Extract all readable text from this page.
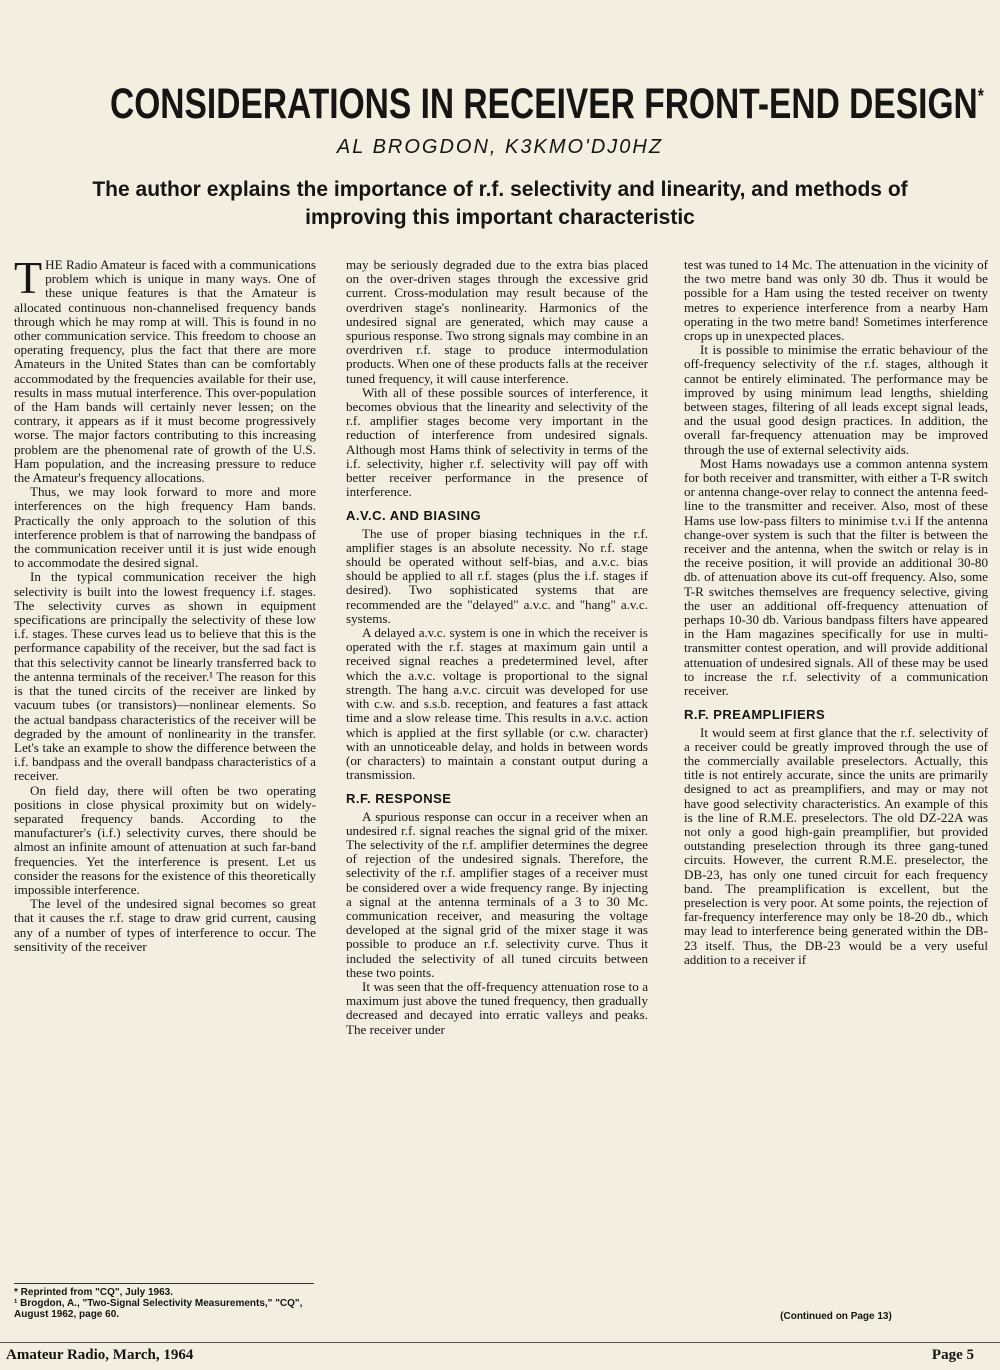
CONSIDERATIONS IN RECEIVER FRONT-END DESIGN*
AL BROGDON, K3KMO'DJ0HZ
The author explains the importance of r.f. selectivity and linearity, and methods of improving this important characteristic

THE Radio Amateur is faced with a communications problem which is unique in many ways. One of these unique features is that the Amateur is allocated continuous non-channelised frequency bands through which he may romp at will. This is found in no other communication service. This freedom to choose an operating frequency, plus the fact that there are more Amateurs in the United States than can be comfortably accommodated by the frequencies available for their use, results in mass mutual interference. This over-population of the Ham bands will certainly never lessen; on the contrary, it appears as if it must become progressively worse. The major factors contributing to this increasing problem are the phenomenal rate of growth of the U.S. Ham population, and the increasing pressure to reduce the Amateur's frequency allocations.

Thus, we may look forward to more and more interferences on the high frequency Ham bands. Practically the only approach to the solution of this interference problem is that of narrowing the bandpass of the communication receiver until it is just wide enough to accommodate the desired signal.

In the typical communication receiver the high selectivity is built into the lowest frequency i.f. stages. The selectivity curves as shown in equipment specifications are principally the selectivity of these low i.f. stages. These curves lead us to believe that this is the performance capability of the receiver, but the sad fact is that this selectivity cannot be linearly transferred back to the antenna terminals of the receiver.¹ The reason for this is that the tuned circits of the receiver are linked by vacuum tubes (or transistors)—nonlinear elements. So the actual bandpass characteristics of the receiver will be degraded by the amount of nonlinearity in the transfer. Let's take an example to show the difference between the i.f. bandpass and the overall bandpass characteristics of a receiver.

On field day, there will often be two operating positions in close physical proximity but on widely-separated frequency bands. According to the manufacturer's (i.f.) selectivity curves, there should be almost an infinite amount of attenuation at such far-band frequencies. Yet the interference is present. Let us consider the reasons for the existence of this theoretically impossible interference.

The level of the undesired signal becomes so great that it causes the r.f. stage to draw grid current, causing any of a number of types of interference to occur. The sensitivity of the receiver

may be seriously degraded due to the extra bias placed on the over-driven stages through the excessive grid current. Cross-modulation may result because of the overdriven stage's nonlinearity. Harmonics of the undesired signal are generated, which may cause a spurious response. Two strong signals may combine in an overdriven r.f. stage to produce intermodulation products. When one of these products falls at the receiver tuned frequency, it will cause interference.

With all of these possible sources of interference, it becomes obvious that the linearity and selectivity of the r.f. amplifier stages become very important in the reduction of interference from undesired signals. Although most Hams think of selectivity in terms of the i.f. selectivity, higher r.f. selectivity will pay off with better receiver performance in the presence of interference.

A.V.C. AND BIASING

The use of proper biasing techniques in the r.f. amplifier stages is an absolute necessity. No r.f. stage should be operated without self-bias, and a.v.c. bias should be applied to all r.f. stages (plus the i.f. stages if desired). Two sophisticated systems that are recommended are the "delayed" a.v.c. and "hang" a.v.c. systems.

A delayed a.v.c. system is one in which the receiver is operated with the r.f. stages at maximum gain until a received signal reaches a predetermined level, after which the a.v.c. voltage is proportional to the signal strength. The hang a.v.c. circuit was developed for use with c.w. and s.s.b. reception, and features a fast attack time and a slow release time. This results in a.v.c. action which is applied at the first syllable (or c.w. character) with an unnoticeable delay, and holds in between words (or characters) to maintain a constant output during a transmission.

R.F. RESPONSE

A spurious response can occur in a receiver when an undesired r.f. signal reaches the signal grid of the mixer. The selectivity of the r.f. amplifier determines the degree of rejection of the undesired signals. Therefore, the selectivity of the r.f. amplifier stages of a receiver must be considered over a wide frequency range. By injecting a signal at the antenna terminals of a 3 to 30 Mc. communication receiver, and measuring the voltage developed at the signal grid of the mixer stage it was possible to produce an r.f. selectivity curve. Thus it included the selectivity of all tuned circuits between these two points.

It was seen that the off-frequency attenuation rose to a maximum just above the tuned frequency, then gradually decreased and decayed into erratic valleys and peaks. The receiver under

test was tuned to 14 Mc. The attenuation in the vicinity of the two metre band was only 30 db. Thus it would be possible for a Ham using the tested receiver on twenty metres to experience interference from a nearby Ham operating in the two metre band! Sometimes interference crops up in unexpected places.

It is possible to minimise the erratic behaviour of the off-frequency selectivity of the r.f. stages, although it cannot be entirely eliminated. The performance may be improved by using minimum lead lengths, shielding between stages, filtering of all leads except signal leads, and the usual good design practices. In addition, the overall far-frequency attenuation may be improved through the use of external selectivity aids.

Most Hams nowadays use a common antenna system for both receiver and transmitter, with either a T-R switch or antenna change-over relay to connect the antenna feed-line to the transmitter and receiver. Also, most of these Hams use low-pass filters to minimise t.v.i If the antenna change-over system is such that the filter is between the receiver and the antenna, when the switch or relay is in the receive position, it will provide an additional 30-80 db. of attenuation above its cut-off frequency. Also, some T-R switches themselves are frequency selective, giving the user an additional off-frequency attenuation of perhaps 10-30 db. Various bandpass filters have appeared in the Ham magazines specifically for use in multi-transmitter contest operation, and will provide additional attenuation of undesired signals. All of these may be used to increase the r.f. selectivity of a communication receiver.

R.F. PREAMPLIFIERS

It would seem at first glance that the r.f. selectivity of a receiver could be greatly improved through the use of the commercially available preselectors. Actually, this title is not entirely accurate, since the units are primarily designed to act as preamplifiers, and may or may not have good selectivity characteristics. An example of this is the line of R.M.E. preselectors. The old DZ-22A was not only a good high-gain preamplifier, but provided outstanding preselection through its three gang-tuned circuits. However, the current R.M.E. preselector, the DB-23, has only one tuned circuit for each frequency band. The preamplification is excellent, but the preselection is very poor. At some points, the rejection of far-frequency interference may only be 18-20 db., which may lead to interference being generated within the DB-23 itself. Thus, the DB-23 would be a very useful addition to a receiver if

(Continued on Page 13)
* Reprinted from "CQ", July 1963.
¹ Brogdon, A., "Two-Signal Selectivity Measurements," "CQ", August 1962, page 60.
Amateur Radio, March, 1964	Page 5
